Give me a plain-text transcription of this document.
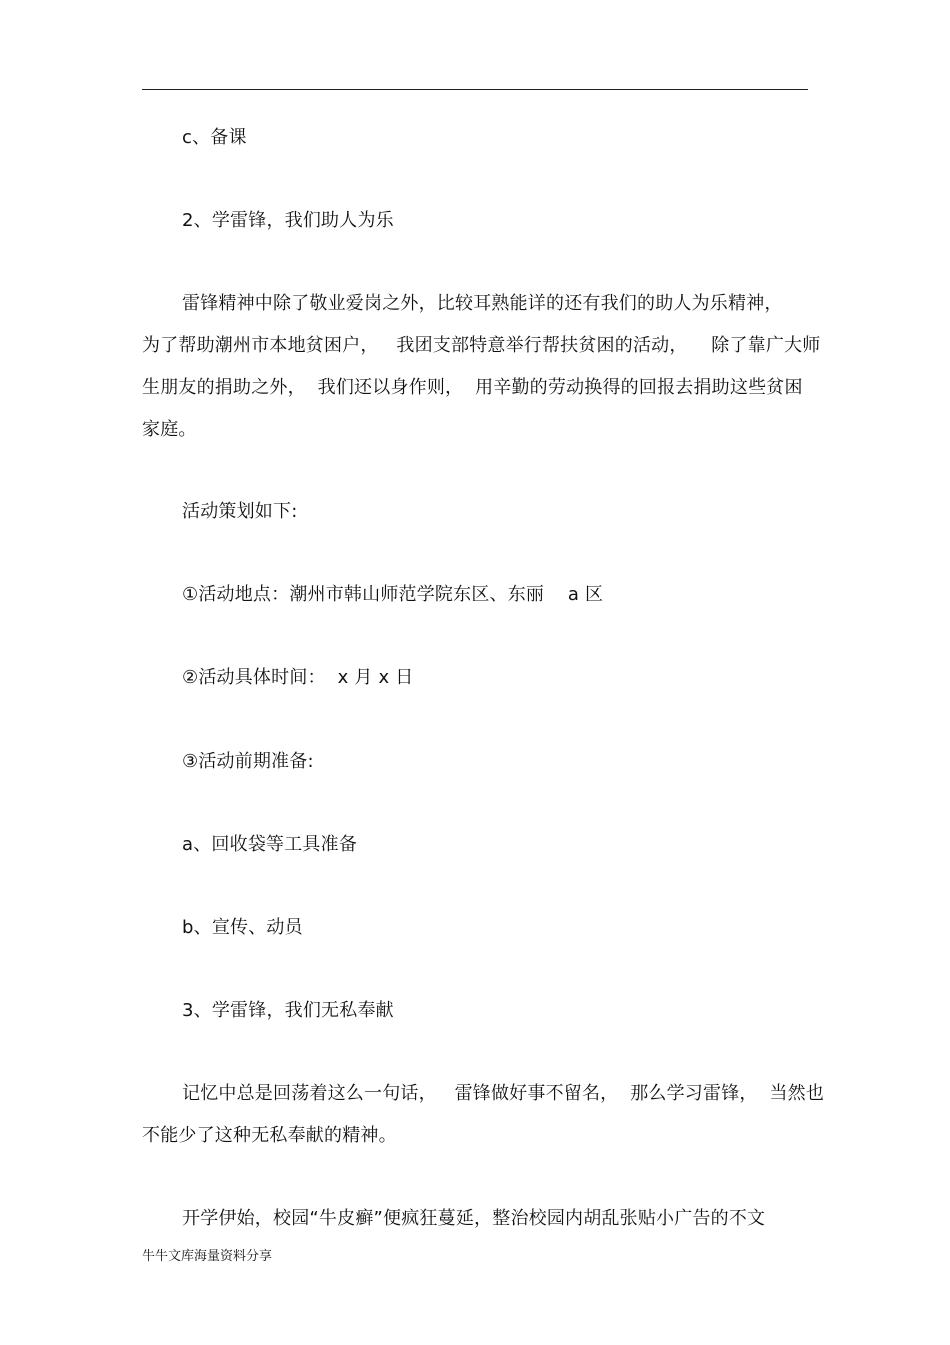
c、备课
2、学雷锋，我们助人为乐
雷锋精神中除了敬业爱岗之外，比较耳熟能详的还有我们的助人为乐精神，
为了帮助潮州市本地贫困户，   我团支部特意举行帮扶贫困的活动，    除了靠广大师
生朋友的捐助之外，  我们还以身作则，  用辛勤的劳动换得的回报去捐助这些贫困
家庭。
活动策划如下:
①活动地点：潮州市韩山师范学院东区、东丽    a 区
②活动具体时间：  x 月 x 日
③活动前期准备:
a、回收袋等工具准备
b、宣传、动员
3、学雷锋，我们无私奉献
记忆中总是回荡着这么一句话，   雷锋做好事不留名，  那么学习雷锋，  当然也
不能少了这种无私奉献的精神。
开学伊始，校园“牛皮癣”便疯狂蔓延，整治校园内胡乱张贴小广告的不文
牛牛文库海量资料分享
